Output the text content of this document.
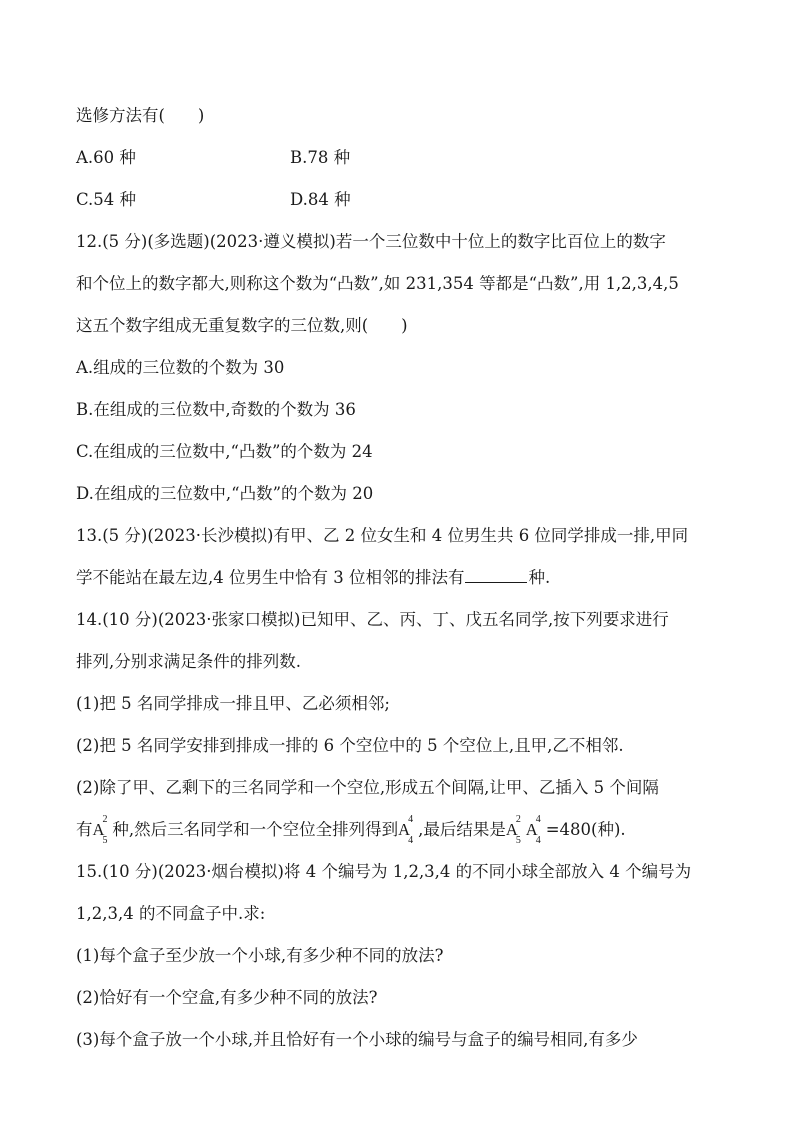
选修方法有(　　)
A.60 种	B.78 种
C.54 种	D.84 种
12.(5 分)(多选题)(2023·遵义模拟)若一个三位数中十位上的数字比百位上的数字
和个位上的数字都大,则称这个数为“凸数”,如 231,354 等都是“凸数”,用 1,2,3,4,5
这五个数字组成无重复数字的三位数,则(　　)
A.组成的三位数的个数为 30
B.在组成的三位数中,奇数的个数为 36
C.在组成的三位数中,“凸数”的个数为 24
D.在组成的三位数中,“凸数”的个数为 20
13.(5 分)(2023·长沙模拟)有甲、乙 2 位女生和 4 位男生共 6 位同学排成一排,甲同
学不能站在最左边,4 位男生中恰有 3 位相邻的排法有	种.
14.(10 分)(2023·张家口模拟)已知甲、乙、丙、丁、戊五名同学,按下列要求进行
排列,分别求满足条件的排列数.
(1)把 5 名同学排成一排且甲、乙必须相邻;
(2)把 5 名同学安排到排成一排的 6 个空位中的 5 个空位上,且甲,乙不相邻.
(2)除了甲、乙剩下的三名同学和一个空位,形成五个间隔,让甲、乙插入 5 个间隔
有A
2
5
种,然后三名同学和一个空位全排列得到A
4
4
,最后结果是A
2
5
A
4
4
=480(种).
15.(10 分)(2023·烟台模拟)将 4 个编号为 1,2,3,4 的不同小球全部放入 4 个编号为
1,2,3,4 的不同盒子中.求:
(1)每个盒子至少放一个小球,有多少种不同的放法?
(2)恰好有一个空盒,有多少种不同的放法?
(3)每个盒子放一个小球,并且恰好有一个小球的编号与盒子的编号相同,有多少
